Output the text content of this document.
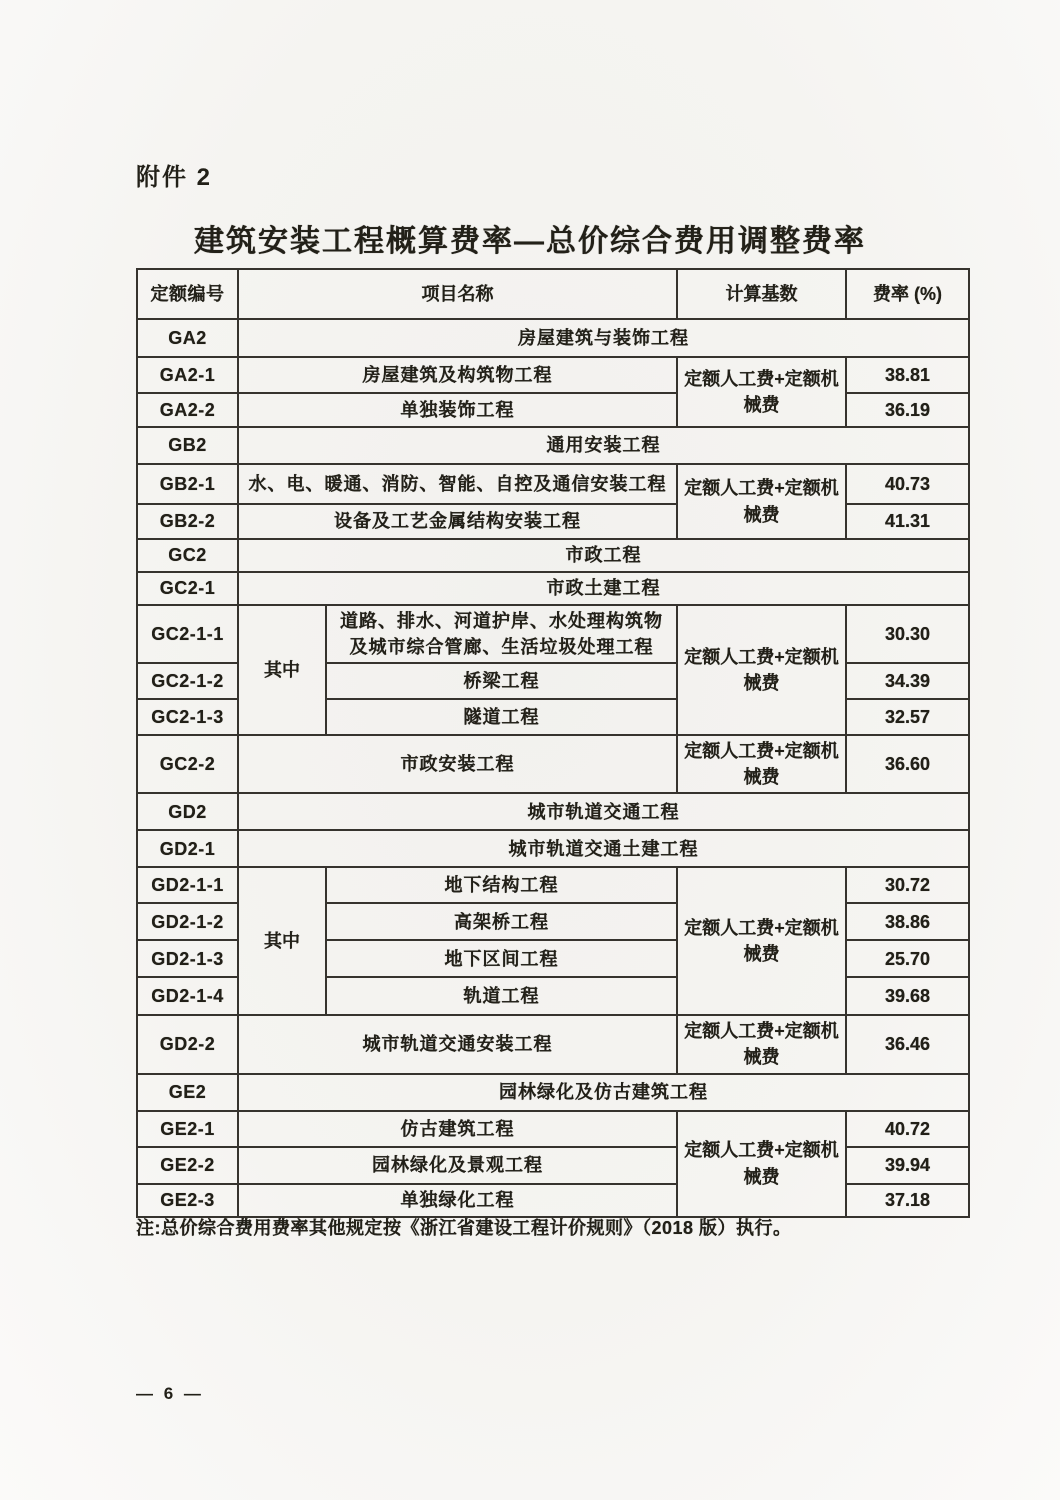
附件 2
建筑安装工程概算费率—总价综合费用调整费率
定额编号	项目名称		计算基数	费率 (%)
GA2	房屋建筑与装饰工程			
GA2-1	房屋建筑及构筑物工程		定额人工费+定额机械费	38.81
GA2-2	单独装饰工程			36.19
GB2	通用安装工程			
GB2-1	水、电、暖通、消防、智能、自控及通信安装工程		定额人工费+定额机械费	40.73
GB2-2	设备及工艺金属结构安装工程			41.31
GC2	市政工程			
GC2-1	市政土建工程			
GC2-1-1	其中	道路、排水、河道护岸、水处理构筑物及城市综合管廊、生活垃圾处理工程	定额人工费+定额机械费	30.30
GC2-1-2		桥梁工程		34.39
GC2-1-3		隧道工程		32.57
GC2-2	市政安装工程		定额人工费+定额机械费	36.60
GD2	城市轨道交通工程			
GD2-1	城市轨道交通土建工程			
GD2-1-1	其中	地下结构工程	定额人工费+定额机械费	30.72
GD2-1-2		高架桥工程		38.86
GD2-1-3		地下区间工程		25.70
GD2-1-4		轨道工程		39.68
GD2-2	城市轨道交通安装工程		定额人工费+定额机械费	36.46
GE2	园林绿化及仿古建筑工程			
GE2-1	仿古建筑工程		定额人工费+定额机械费	40.72
GE2-2	园林绿化及景观工程			39.94
GE2-3	单独绿化工程			37.18
注:总价综合费用费率其他规定按《浙江省建设工程计价规则》（2018 版）执行。
— 6 —
